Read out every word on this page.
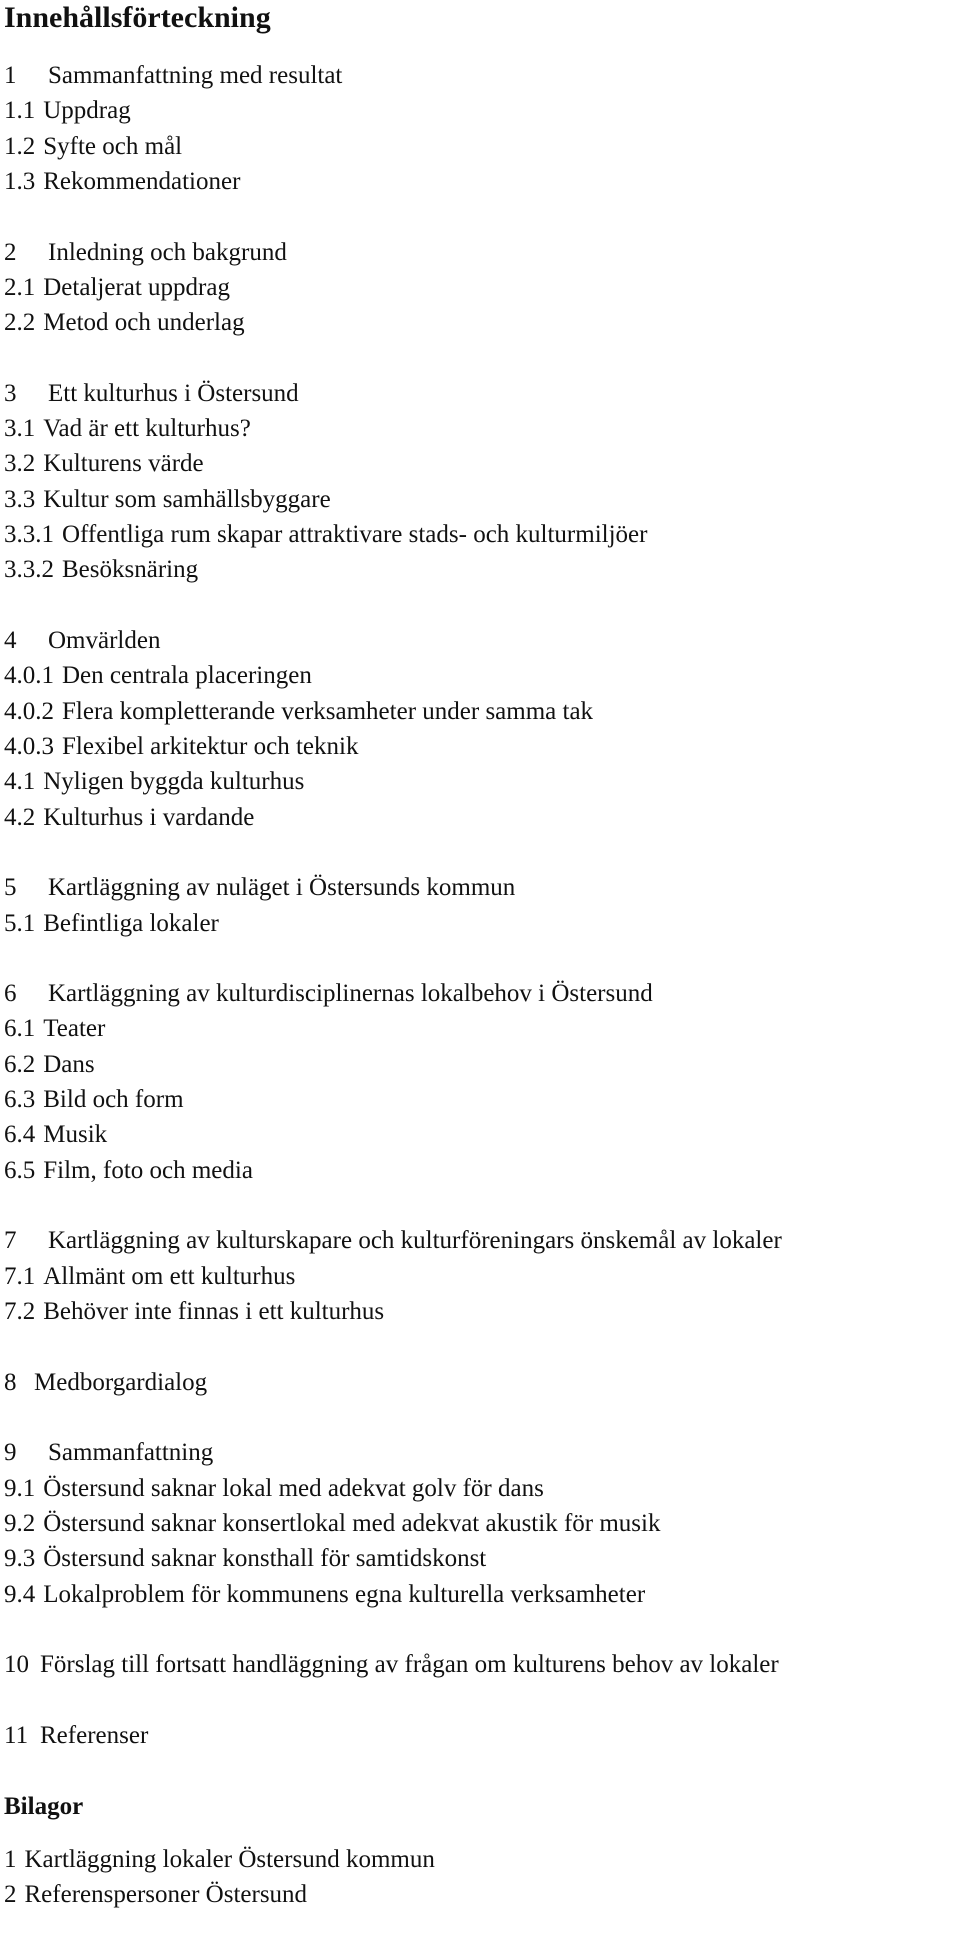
Innehållsförteckning
1 Sammanfattning med resultat
1.1 Uppdrag
1.2 Syfte och mål
1.3 Rekommendationer
2 Inledning och bakgrund
2.1 Detaljerat uppdrag
2.2 Metod och underlag
3 Ett kulturhus i Östersund
3.1 Vad är ett kulturhus?
3.2 Kulturens värde
3.3 Kultur som samhällsbyggare
3.3.1 Offentliga rum skapar attraktivare stads- och kulturmiljöer
3.3.2 Besöksnäring
4 Omvärlden
4.0.1 Den centrala placeringen
4.0.2 Flera kompletterande verksamheter under samma tak
4.0.3 Flexibel arkitektur och teknik
4.1 Nyligen byggda kulturhus
4.2 Kulturhus i vardande
5 Kartläggning av nuläget i Östersunds kommun
5.1 Befintliga lokaler
6 Kartläggning av kulturdisciplinernas lokalbehov i Östersund
6.1 Teater
6.2 Dans
6.3 Bild och form
6.4 Musik
6.5 Film, foto och media
7 Kartläggning av kulturskapare och kulturföreningars önskemål av lokaler
7.1 Allmänt om ett kulturhus
7.2 Behöver inte finnas i ett kulturhus
8 Medborgardialog
9 Sammanfattning
9.1 Östersund saknar lokal med adekvat golv för dans
9.2 Östersund saknar konsertlokal med adekvat akustik för musik
9.3 Östersund saknar konsthall för samtidskonst
9.4 Lokalproblem för kommunens egna kulturella verksamheter
10 Förslag till fortsatt handläggning av frågan om kulturens behov av lokaler
11 Referenser
Bilagor
1 Kartläggning lokaler Östersund kommun
2 Referenspersoner Östersund
